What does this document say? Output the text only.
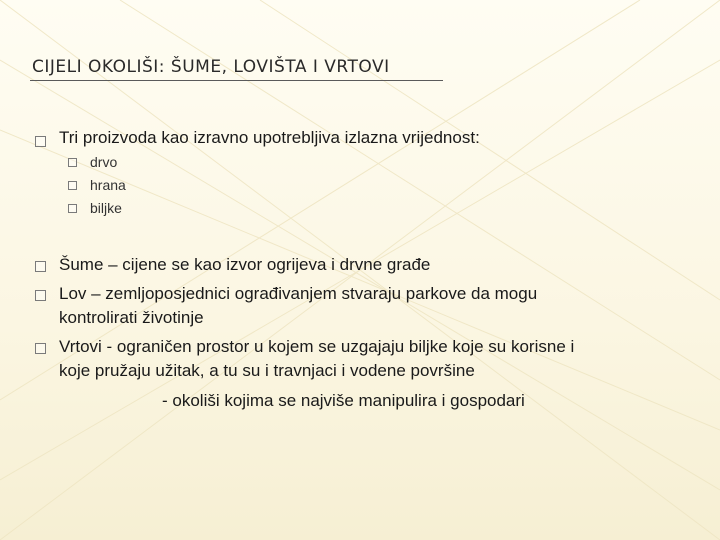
CIJELI OKOLIŠI: ŠUME, LOVIŠTA I VRTOVI
Tri proizvoda kao izravno upotrebljiva izlazna vrijednost:
drvo
hrana
biljke
Šume – cijene se kao izvor ogrijeva i drvne građe
Lov – zemljoposjednici ograđivanjem stvaraju parkove da mogu
kontrolirati životinje
Vrtovi - ograničen prostor u kojem se uzgajaju biljke koje su korisne i
koje pružaju užitak, a tu su i travnjaci i vodene površine
- okoliši kojima se najviše manipulira i gospodari
